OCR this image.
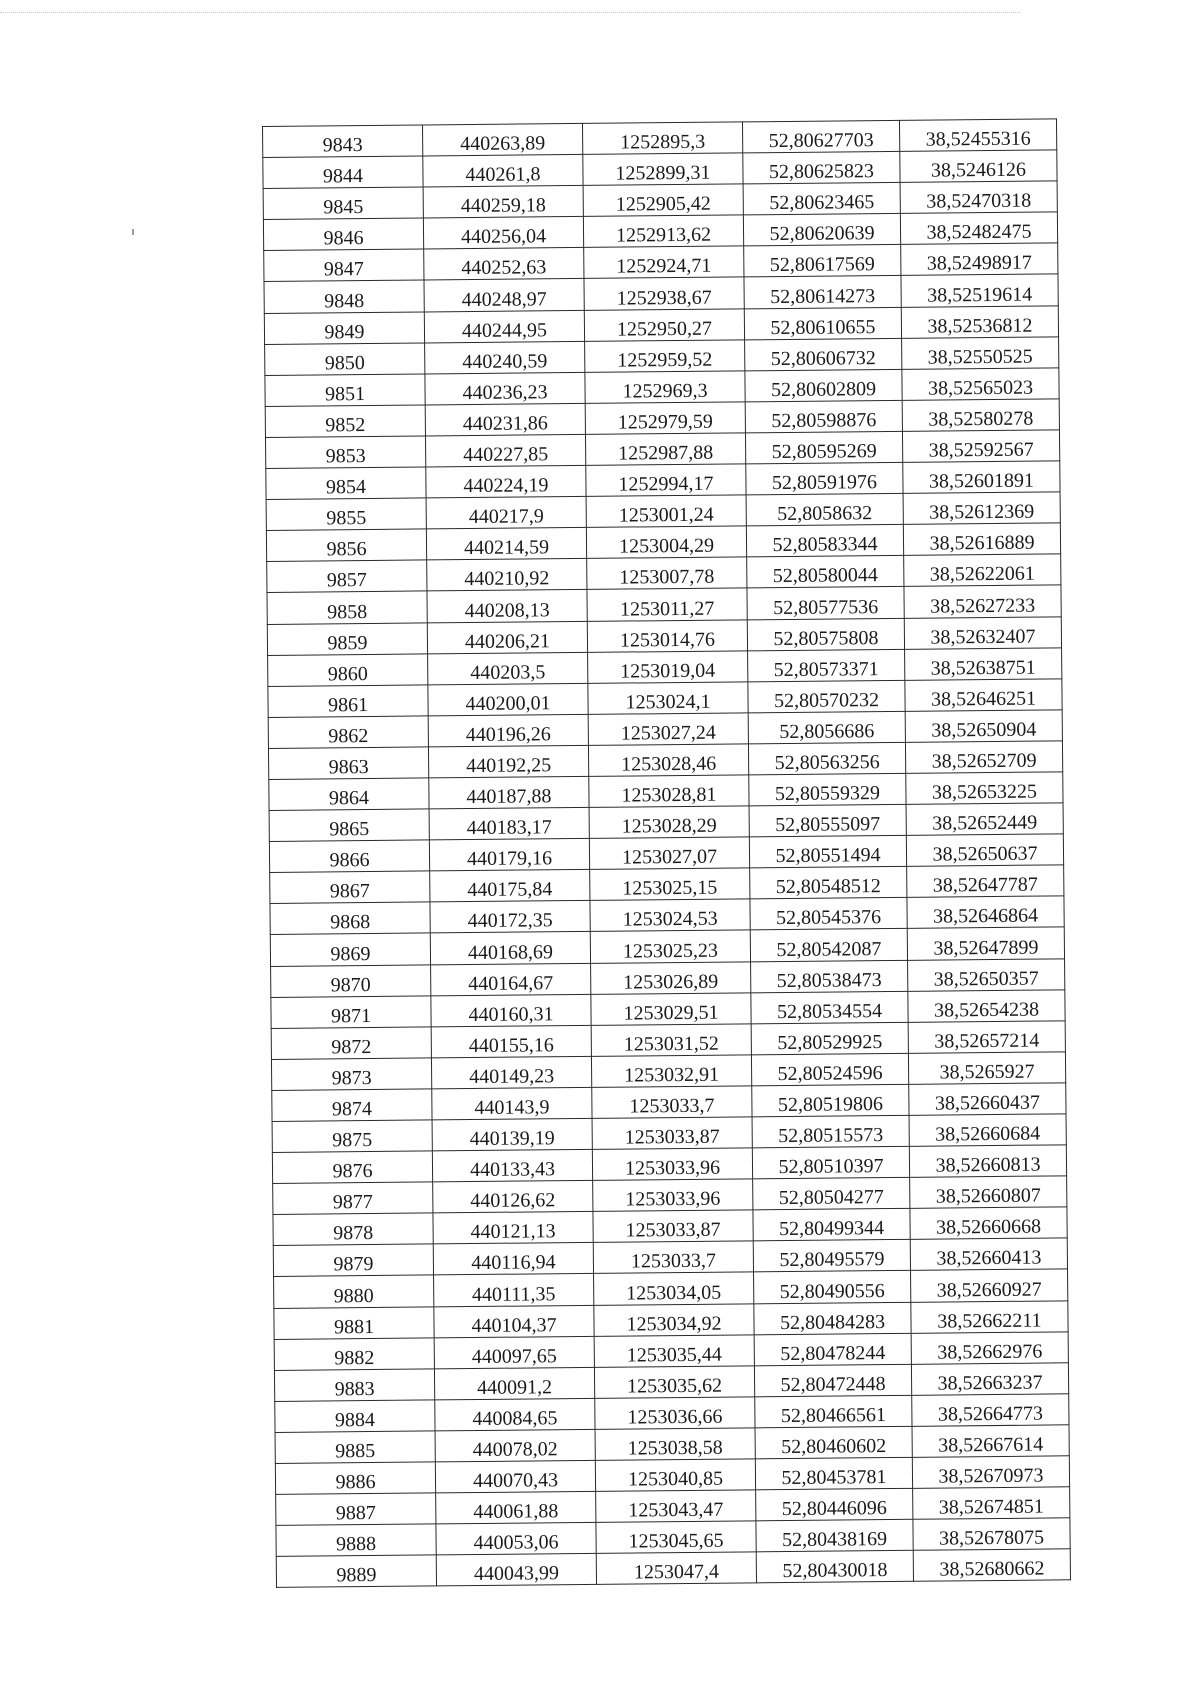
9843	440263,89	1252895,3	52,80627703	38,52455316
9844	440261,8	1252899,31	52,80625823	38,5246126
9845	440259,18	1252905,42	52,80623465	38,52470318
9846	440256,04	1252913,62	52,80620639	38,52482475
9847	440252,63	1252924,71	52,80617569	38,52498917
9848	440248,97	1252938,67	52,80614273	38,52519614
9849	440244,95	1252950,27	52,80610655	38,52536812
9850	440240,59	1252959,52	52,80606732	38,52550525
9851	440236,23	1252969,3	52,80602809	38,52565023
9852	440231,86	1252979,59	52,80598876	38,52580278
9853	440227,85	1252987,88	52,80595269	38,52592567
9854	440224,19	1252994,17	52,80591976	38,52601891
9855	440217,9	1253001,24	52,8058632	38,52612369
9856	440214,59	1253004,29	52,80583344	38,52616889
9857	440210,92	1253007,78	52,80580044	38,52622061
9858	440208,13	1253011,27	52,80577536	38,52627233
9859	440206,21	1253014,76	52,80575808	38,52632407
9860	440203,5	1253019,04	52,80573371	38,52638751
9861	440200,01	1253024,1	52,80570232	38,52646251
9862	440196,26	1253027,24	52,8056686	38,52650904
9863	440192,25	1253028,46	52,80563256	38,52652709
9864	440187,88	1253028,81	52,80559329	38,52653225
9865	440183,17	1253028,29	52,80555097	38,52652449
9866	440179,16	1253027,07	52,80551494	38,52650637
9867	440175,84	1253025,15	52,80548512	38,52647787
9868	440172,35	1253024,53	52,80545376	38,52646864
9869	440168,69	1253025,23	52,80542087	38,52647899
9870	440164,67	1253026,89	52,80538473	38,52650357
9871	440160,31	1253029,51	52,80534554	38,52654238
9872	440155,16	1253031,52	52,80529925	38,52657214
9873	440149,23	1253032,91	52,80524596	38,5265927
9874	440143,9	1253033,7	52,80519806	38,52660437
9875	440139,19	1253033,87	52,80515573	38,52660684
9876	440133,43	1253033,96	52,80510397	38,52660813
9877	440126,62	1253033,96	52,80504277	38,52660807
9878	440121,13	1253033,87	52,80499344	38,52660668
9879	440116,94	1253033,7	52,80495579	38,52660413
9880	440111,35	1253034,05	52,80490556	38,52660927
9881	440104,37	1253034,92	52,80484283	38,52662211
9882	440097,65	1253035,44	52,80478244	38,52662976
9883	440091,2	1253035,62	52,80472448	38,52663237
9884	440084,65	1253036,66	52,80466561	38,52664773
9885	440078,02	1253038,58	52,80460602	38,52667614
9886	440070,43	1253040,85	52,80453781	38,52670973
9887	440061,88	1253043,47	52,80446096	38,52674851
9888	440053,06	1253045,65	52,80438169	38,52678075
9889	440043,99	1253047,4	52,80430018	38,52680662
